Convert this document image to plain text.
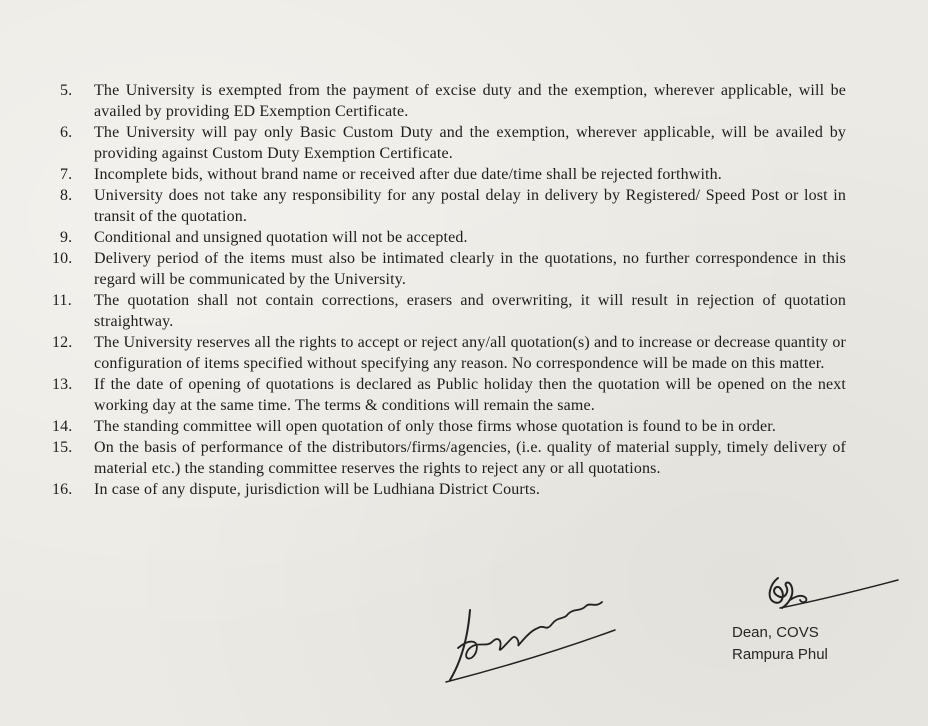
5.	The University is exempted from the payment of excise duty and the exemption, wherever applicable, will be availed by providing ED Exemption Certificate.
6.	The University will pay only Basic Custom Duty and the exemption, wherever applicable, will be availed by providing against Custom Duty Exemption Certificate.
7.	Incomplete bids, without brand name or received after due date/time shall be rejected forthwith.
8.	University does not take any responsibility for any postal delay in delivery by Registered/ Speed Post or lost in transit of the quotation.
9.	Conditional and unsigned quotation will not be accepted.
10.	Delivery period of the items must also be intimated clearly in the quotations, no further correspondence in this regard will be communicated by the University.
11.	The quotation shall not contain corrections, erasers and overwriting, it will result in rejection of quotation straightway.
12.	The University reserves all the rights to accept or reject any/all quotation(s) and to increase or decrease quantity or configuration of items specified without specifying any reason. No correspondence will be made on this matter.
13.	If the date of opening of quotations is declared as Public holiday then the quotation will be opened on the next working day at the same time. The terms & conditions will remain the same.
14.	The standing committee will open quotation of only those firms whose quotation is found to be in order.
15.	On the basis of performance of the distributors/firms/agencies, (i.e. quality of material supply, timely delivery of material etc.) the standing committee reserves the rights to reject any or all quotations.
16.	In case of any dispute, jurisdiction will be Ludhiana District Courts.
Dean, COVS
Rampura Phul
